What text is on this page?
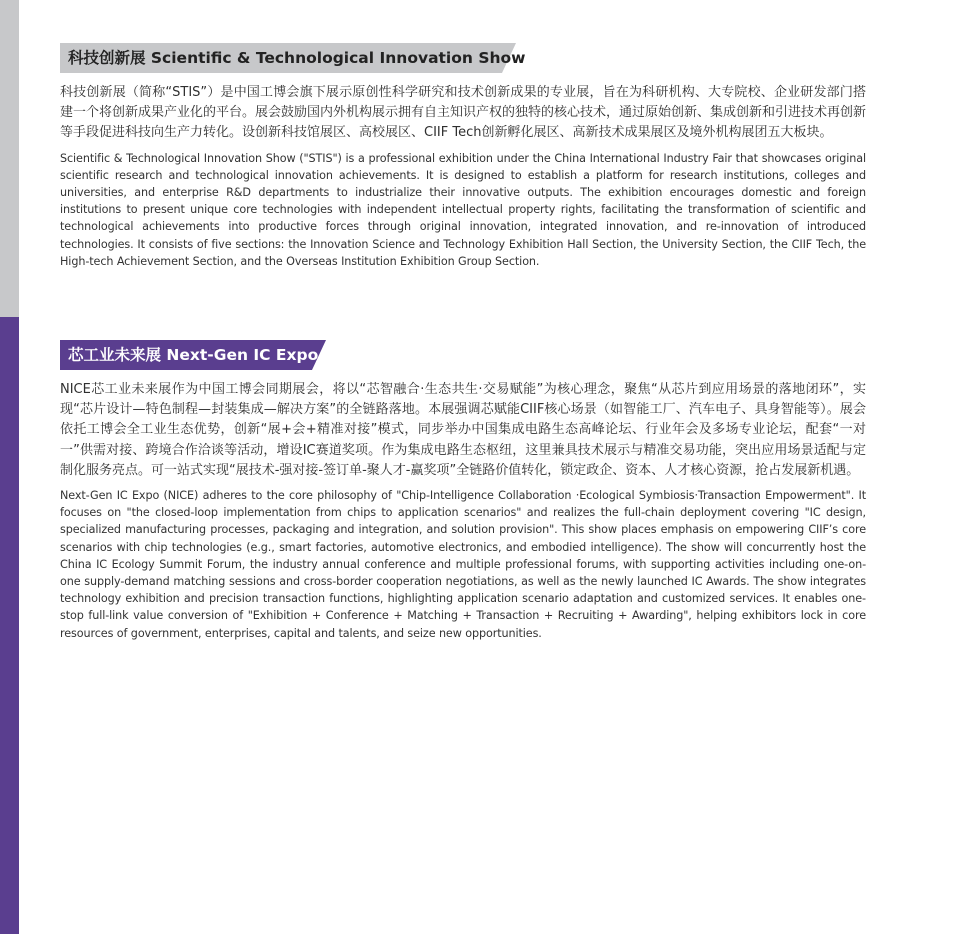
科技创新展 Scientific & Technological Innovation Show

科技创新展（简称“STIS”）是中国工博会旗下展示原创性科学研究和技术创新成果的专业展，旨在为科研机构、大专院校、企业研发部门搭建一个将创新成果产业化的平台。展会鼓励国内外机构展示拥有自主知识产权的独特的核心技术，通过原始创新、集成创新和引进技术再创新等手段促进科技向生产力转化。设创新科技馆展区、高校展区、CIIF Tech创新孵化展区、高新技术成果展区及境外机构展团五大板块。

Scientific & Technological Innovation Show ("STIS") is a professional exhibition under the China International Industry Fair that showcases original scientific research and technological innovation achievements. It is designed to establish a platform for research institutions, colleges and universities, and enterprise R&D departments to industrialize their innovative outputs. The exhibition encourages domestic and foreign institutions to present unique core technologies with independent intellectual property rights, facilitating the transformation of scientific and technological achievements into productive forces through original innovation, integrated innovation, and re-innovation of introduced technologies. It consists of five sections: the Innovation Science and Technology Exhibition Hall Section, the University Section, the CIIF Tech, the High-tech Achievement Section, and the Overseas Institution Exhibition Group Section.

芯工业未来展 Next-Gen IC Expo

NICE芯工业未来展作为中国工博会同期展会，将以“芯智融合·生态共生·交易赋能”为核心理念，聚焦“从芯片到应用场景的落地闭环”，实现“芯片设计—特色制程—封装集成—解决方案”的全链路落地。本展强调芯赋能CIIF核心场景（如智能工厂、汽车电子、具身智能等）。展会依托工博会全工业生态优势，创新“展+会+精准对接”模式，同步举办中国集成电路生态高峰论坛、行业年会及多场专业论坛，配套“一对一”供需对接、跨境合作洽谈等活动，增设IC赛道奖项。作为集成电路生态枢纽，这里兼具技术展示与精准交易功能，突出应用场景适配与定制化服务亮点。可一站式实现“展技术-强对接-签订单-聚人才-赢奖项”全链路价值转化，锁定政企、资本、人才核心资源，抢占发展新机遇。

Next-Gen IC Expo (NICE) adheres to the core philosophy of "Chip-Intelligence Collaboration ·Ecological Symbiosis·Transaction Empowerment". It focuses on "the closed-loop implementation from chips to application scenarios" and realizes the full-chain deployment covering "IC design, specialized manufacturing processes, packaging and integration, and solution provision". This show places emphasis on empowering CIIF’s core scenarios with chip technologies (e.g., smart factories, automotive electronics, and embodied intelligence). The show will concurrently host the China IC Ecology Summit Forum, the industry annual conference and multiple professional forums, with supporting activities including one-on-one supply-demand matching sessions and cross-border cooperation negotiations, as well as the newly launched IC Awards. The show integrates technology exhibition and precision transaction functions, highlighting application scenario adaptation and customized services. It enables one-stop full-link value conversion of "Exhibition + Conference + Matching + Transaction + Recruiting + Awarding", helping exhibitors lock in core resources of government, enterprises, capital and talents, and seize new opportunities.
